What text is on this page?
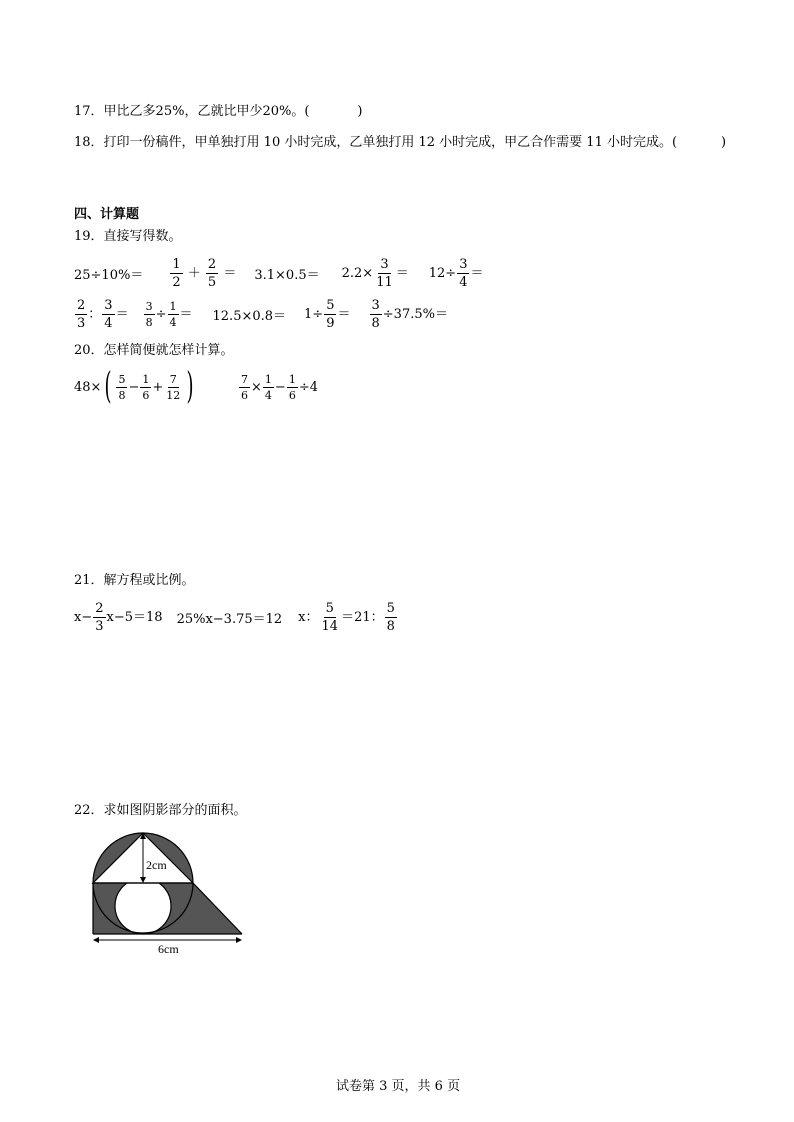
17．甲比乙多25%，乙就比甲少20%。(	)
18．打印一份稿件，甲单独打用 10 小时完成，乙单独打用 12 小时完成，甲乙合作需要 11 小时完成。(	)
四、计算题
19．直接写得数。
$25\div 10\%= \frac{1}{2} + \frac{2}{5} = 3.1\times 0.5= 2.2\times \frac{3}{11} = 12\div \frac{3}{4}$ ＝
$\frac{2}{3}$ ： $\frac{3}{4} = \frac{3}{8} \div \frac{1}{4} = 12.5\times 0.8= 1\div \frac{5}{9} = \frac{3}{8} \div 37.5\%=$
20．怎样简便就怎样计算。
48× ( $\frac{5}{8} - \frac{1}{6} + \frac{7}{12}$ )	$\frac{7}{6} \times \frac{1}{4} - \frac{1}{6} \div 4$
21．解方程或比例。
$x- \frac{2}{3} x-5=18$ 25%x−3.75＝12 x： $\frac{5}{14} =21$： $\frac{5}{8}$
22．求如图阴影部分的面积。
2cm
6cm
试卷第 3 页，共 6 页
